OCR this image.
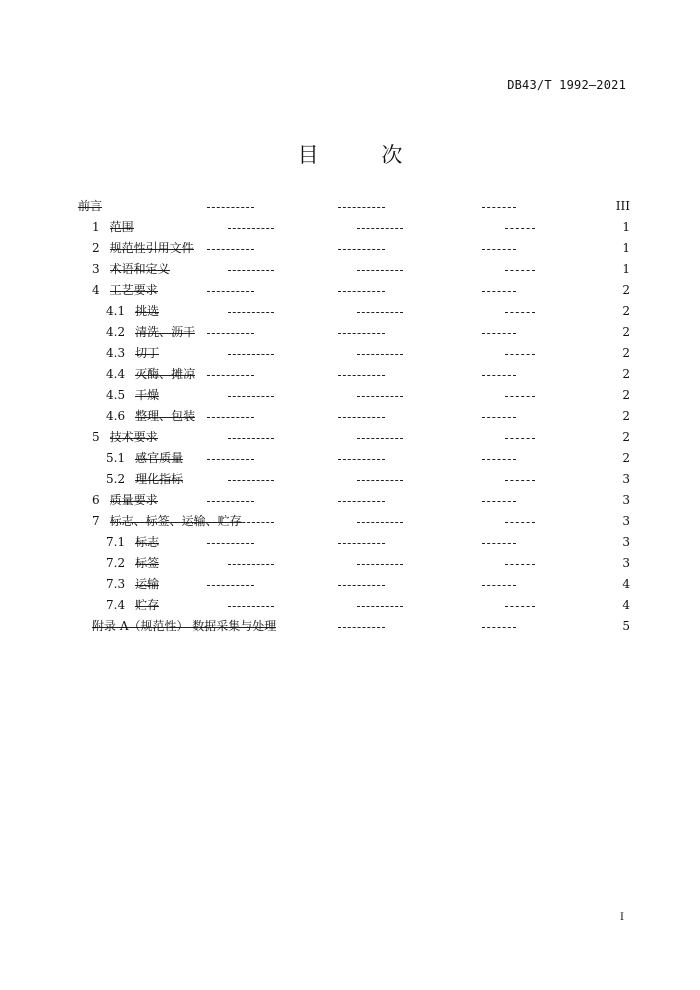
DB43/T 1992—2021
目 次
前言	III
1 范围	1
2 规范性引用文件	1
3 术语和定义	1
4 工艺要求	2
4.1 挑选	2
4.2 清洗、沥干	2
4.3 切丁	2
4.4 灭酶、摊凉	2
4.5 干燥	2
4.6 整理、包装	2
5 技术要求	2
5.1 感官质量	2
5.2 理化指标	3
6 质量要求	3
7 标志、标签、运输、贮存	3
7.1 标志	3
7.2 标签	3
7.3 运输	4
7.4 贮存	4
附录 A（规范性） 数据采集与处理	5
I
